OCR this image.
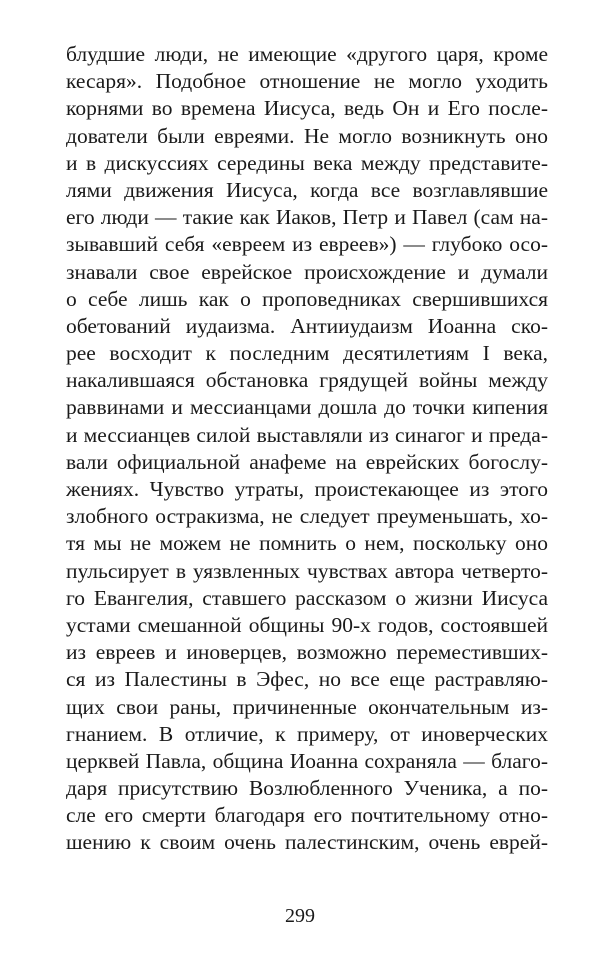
блудшие люди, не имеющие «другого царя, кроме
кесаря». Подобное отношение не могло уходить
корнями во времена Иисуса, ведь Он и Его после-
дователи были евреями. Не могло возникнуть оно
и в дискуссиях середины века между представите-
лями движения Иисуса, когда все возглавлявшие
его люди — такие как Иаков, Петр и Павел (сам на-
зывавший себя «евреем из евреев») — глубоко осо-
знавали свое еврейское происхождение и думали
о себе лишь как о проповедниках свершившихся
обетований иудаизма. Антииудаизм Иоанна ско-
рее восходит к последним десятилетиям I века,
накалившаяся обстановка грядущей войны между
раввинами и мессианцами дошла до точки кипения
и мессианцев силой выставляли из синагог и преда-
вали официальной анафеме на еврейских богослу-
жениях. Чувство утраты, проистекающее из этого
злобного остракизма, не следует преуменьшать, хо-
тя мы не можем не помнить о нем, поскольку оно
пульсирует в уязвленных чувствах автора четверто-
го Евангелия, ставшего рассказом о жизни Иисуса
устами смешанной общины 90-х годов, состоявшей
из евреев и иноверцев, возможно переместивших-
ся из Палестины в Эфес, но все еще растравляю-
щих свои раны, причиненные окончательным из-
гнанием. В отличие, к примеру, от иноверческих
церквей Павла, община Иоанна сохраняла — благо-
даря присутствию Возлюбленного Ученика, а по-
сле его смерти благодаря его почтительному отно-
шению к своим очень палестинским, очень еврей-
299
